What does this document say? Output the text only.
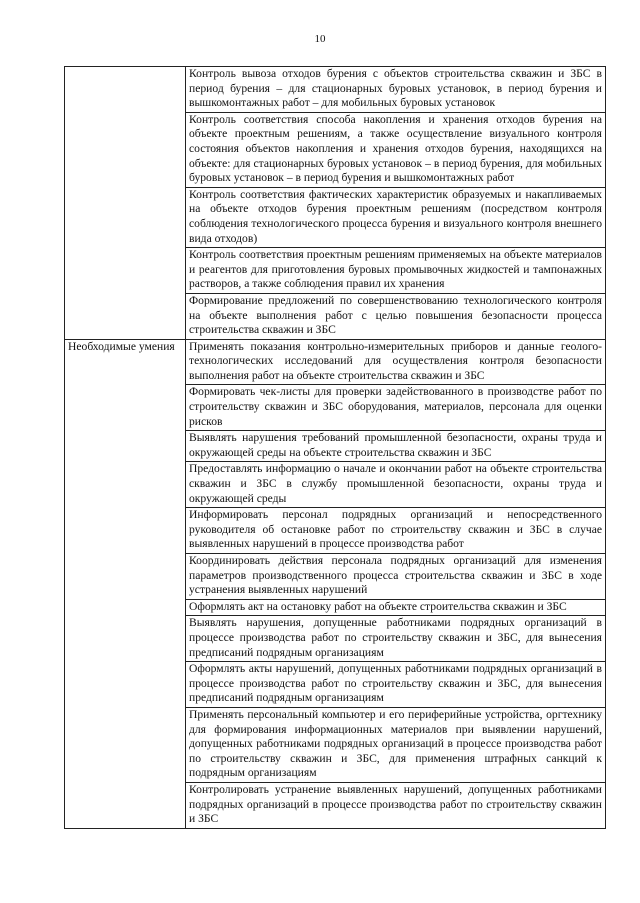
10
	Контроль вывоза отходов бурения с объектов строительства скважин и ЗБС в период бурения – для стационарных буровых установок, в период бурения и вышкомонтажных работ – для мобильных буровых установок
	Контроль соответствия способа накопления и хранения отходов бурения на объекте проектным решениям, а также осуществление визуального контроля состояния объектов накопления и хранения отходов бурения, находящихся на объекте: для стационарных буровых установок – в период бурения, для мобильных буровых установок – в период бурения и вышкомонтажных работ
	Контроль соответствия фактических характеристик образуемых и накапливаемых на объекте отходов бурения проектным решениям (посредством контроля соблюдения технологического процесса бурения и визуального контроля внешнего вида отходов)
	Контроль соответствия проектным решениям применяемых на объекте материалов и реагентов для приготовления буровых промывочных жидкостей и тампонажных растворов, а также соблюдения правил их хранения
	Формирование предложений по совершенствованию технологического контроля на объекте выполнения работ с целью повышения безопасности процесса строительства скважин и ЗБС
Необходимые умения	Применять показания контрольно-измерительных приборов и данные геолого-технологических исследований для осуществления контроля безопасности выполнения работ на объекте строительства скважин и ЗБС
	Формировать чек-листы для проверки задействованного в производстве работ по строительству скважин и ЗБС оборудования, материалов, персонала для оценки рисков
	Выявлять нарушения требований промышленной безопасности, охраны труда и окружающей среды на объекте строительства скважин и ЗБС
	Предоставлять информацию о начале и окончании работ на объекте строительства скважин и ЗБС в службу промышленной безопасности, охраны труда и окружающей среды
	Информировать персонал подрядных организаций и непосредственного руководителя об остановке работ по строительству скважин и ЗБС в случае выявленных нарушений в процессе производства работ
	Координировать действия персонала подрядных организаций для изменения параметров производственного процесса строительства скважин и ЗБС в ходе устранения выявленных нарушений
	Оформлять акт на остановку работ на объекте строительства скважин и ЗБС
	Выявлять нарушения, допущенные работниками подрядных организаций в процессе производства работ по строительству скважин и ЗБС, для вынесения предписаний подрядным организациям
	Оформлять акты нарушений, допущенных работниками подрядных организаций в процессе производства работ по строительству скважин и ЗБС, для вынесения предписаний подрядным организациям
	Применять персональный компьютер и его периферийные устройства, оргтехнику для формирования информационных материалов при выявлении нарушений, допущенных работниками подрядных организаций в процессе производства работ по строительству скважин и ЗБС, для применения штрафных санкций к подрядным организациям
	Контролировать устранение выявленных нарушений, допущенных работниками подрядных организаций в процессе производства работ по строительству скважин и ЗБС
